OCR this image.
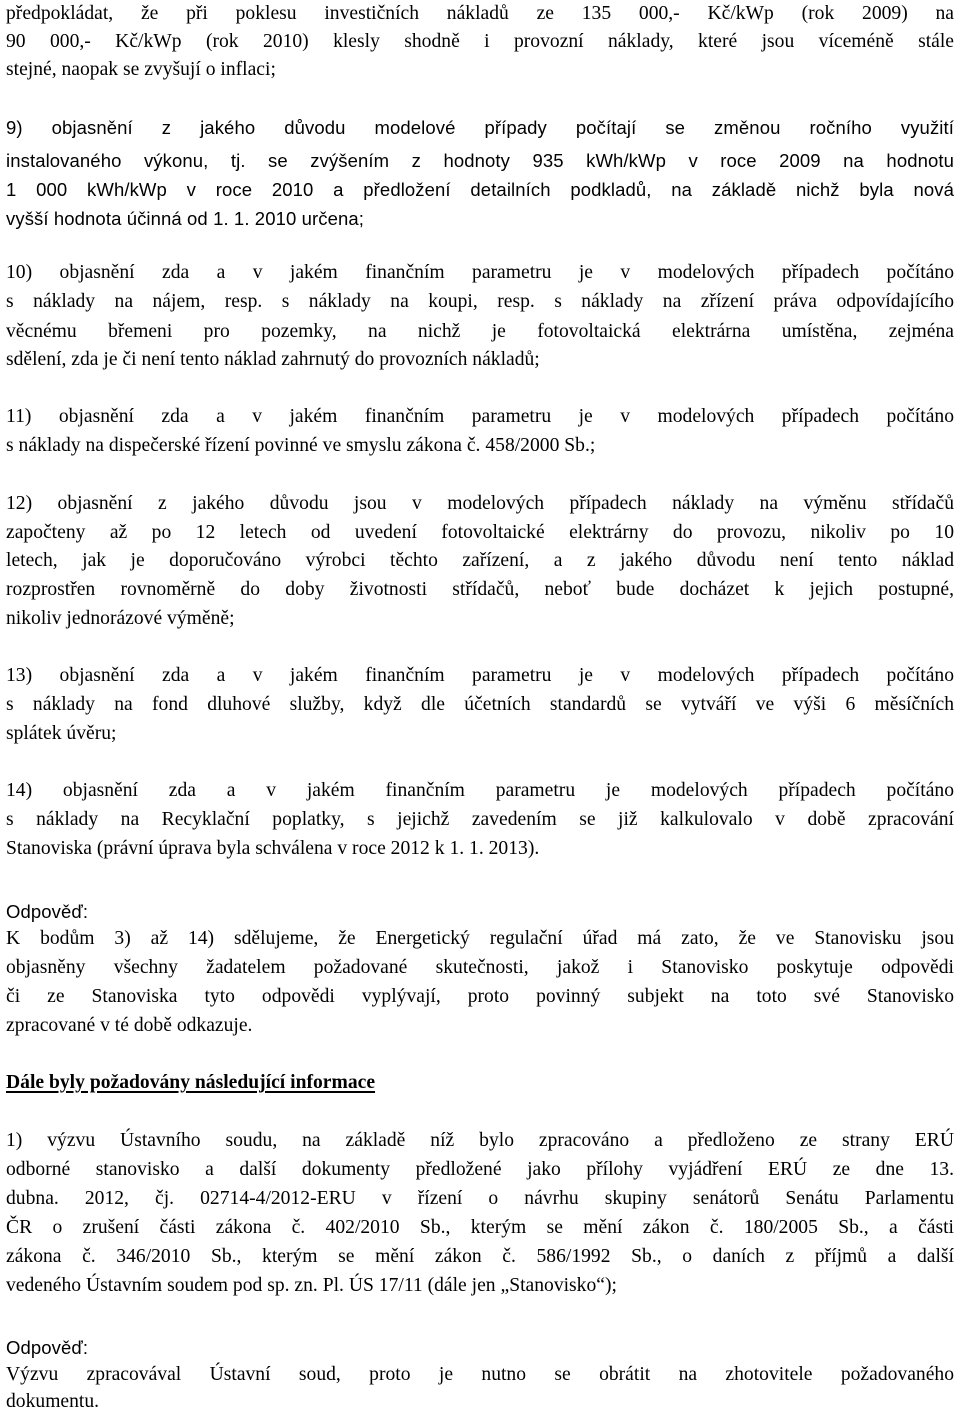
předpokládat, že při poklesu investičních nákladů ze 135 000,- Kč/kWp (rok 2009) na

90 000,- Kč/kWp (rok 2010) klesly shodně i provozní náklady, které jsou víceméně stále

stejné, naopak se zvyšují o inflaci;

9) objasnění z jakého důvodu modelové případy počítají se změnou ročního využití

instalovaného výkonu, tj. se zvýšením z hodnoty 935 kWh/kWp v roce 2009 na hodnotu

1 000 kWh/kWp v roce 2010 a předložení detailních podkladů, na základě nichž byla nová

vyšší hodnota účinná od 1. 1. 2010 určena;

10) objasnění zda a v jakém finančním parametru je v modelových případech počítáno

s náklady na nájem, resp. s náklady na koupi, resp. s náklady na zřízení práva odpovídajícího

věcnému břemeni pro pozemky, na nichž je fotovoltaická elektrárna umístěna, zejména

sdělení, zda je či není tento náklad zahrnutý do provozních nákladů;

11) objasnění zda a v jakém finančním parametru je v modelových případech počítáno

s náklady na dispečerské řízení povinné ve smyslu zákona č. 458/2000 Sb.;

12) objasnění z jakého důvodu jsou v modelových případech náklady na výměnu střídačů

započteny až po 12 letech od uvedení fotovoltaické elektrárny do provozu, nikoliv po 10

letech, jak je doporučováno výrobci těchto zařízení, a z jakého důvodu není tento náklad

rozprostřen rovnoměrně do doby životnosti střídačů, neboť bude docházet k jejich postupné,

nikoliv jednorázové výměně;

13) objasnění zda a v jakém finančním parametru je v modelových případech počítáno

s náklady na fond dluhové služby, když dle účetních standardů se vytváří ve výši 6 měsíčních

splátek úvěru;

14) objasnění zda a v jakém finančním parametru je modelových případech počítáno

s náklady na Recyklační poplatky, s jejichž zavedením se již kalkulovalo v době zpracování

Stanoviska (právní úprava byla schválena v roce 2012 k 1. 1. 2013).

Odpověď:

K bodům 3) až 14) sdělujeme, že Energetický regulační úřad má zato, že ve Stanovisku jsou

objasněny všechny žadatelem požadované skutečnosti, jakož i Stanovisko poskytuje odpovědi

či ze Stanoviska tyto odpovědi vyplývají, proto povinný subjekt na toto své Stanovisko

zpracované v té době odkazuje.

Dále byly požadovány následující informace

1) výzvu Ústavního soudu, na základě níž bylo zpracováno a předloženo ze strany ERÚ

odborné stanovisko a další dokumenty předložené jako přílohy vyjádření ERÚ ze dne 13.

dubna. 2012, čj. 02714-4/2012-ERU v řízení o návrhu skupiny senátorů Senátu Parlamentu

ČR o zrušení části zákona č. 402/2010 Sb., kterým se mění zákon č. 180/2005 Sb., a části

zákona č. 346/2010 Sb., kterým se mění zákon č. 586/1992 Sb., o daních z příjmů a další

vedeného Ústavním soudem pod sp. zn. Pl. ÚS 17/11 (dále jen „Stanovisko“);

Odpověď:

Výzvu zpracovával Ústavní soud, proto je nutno se obrátit na zhotovitele požadovaného

dokumentu.
